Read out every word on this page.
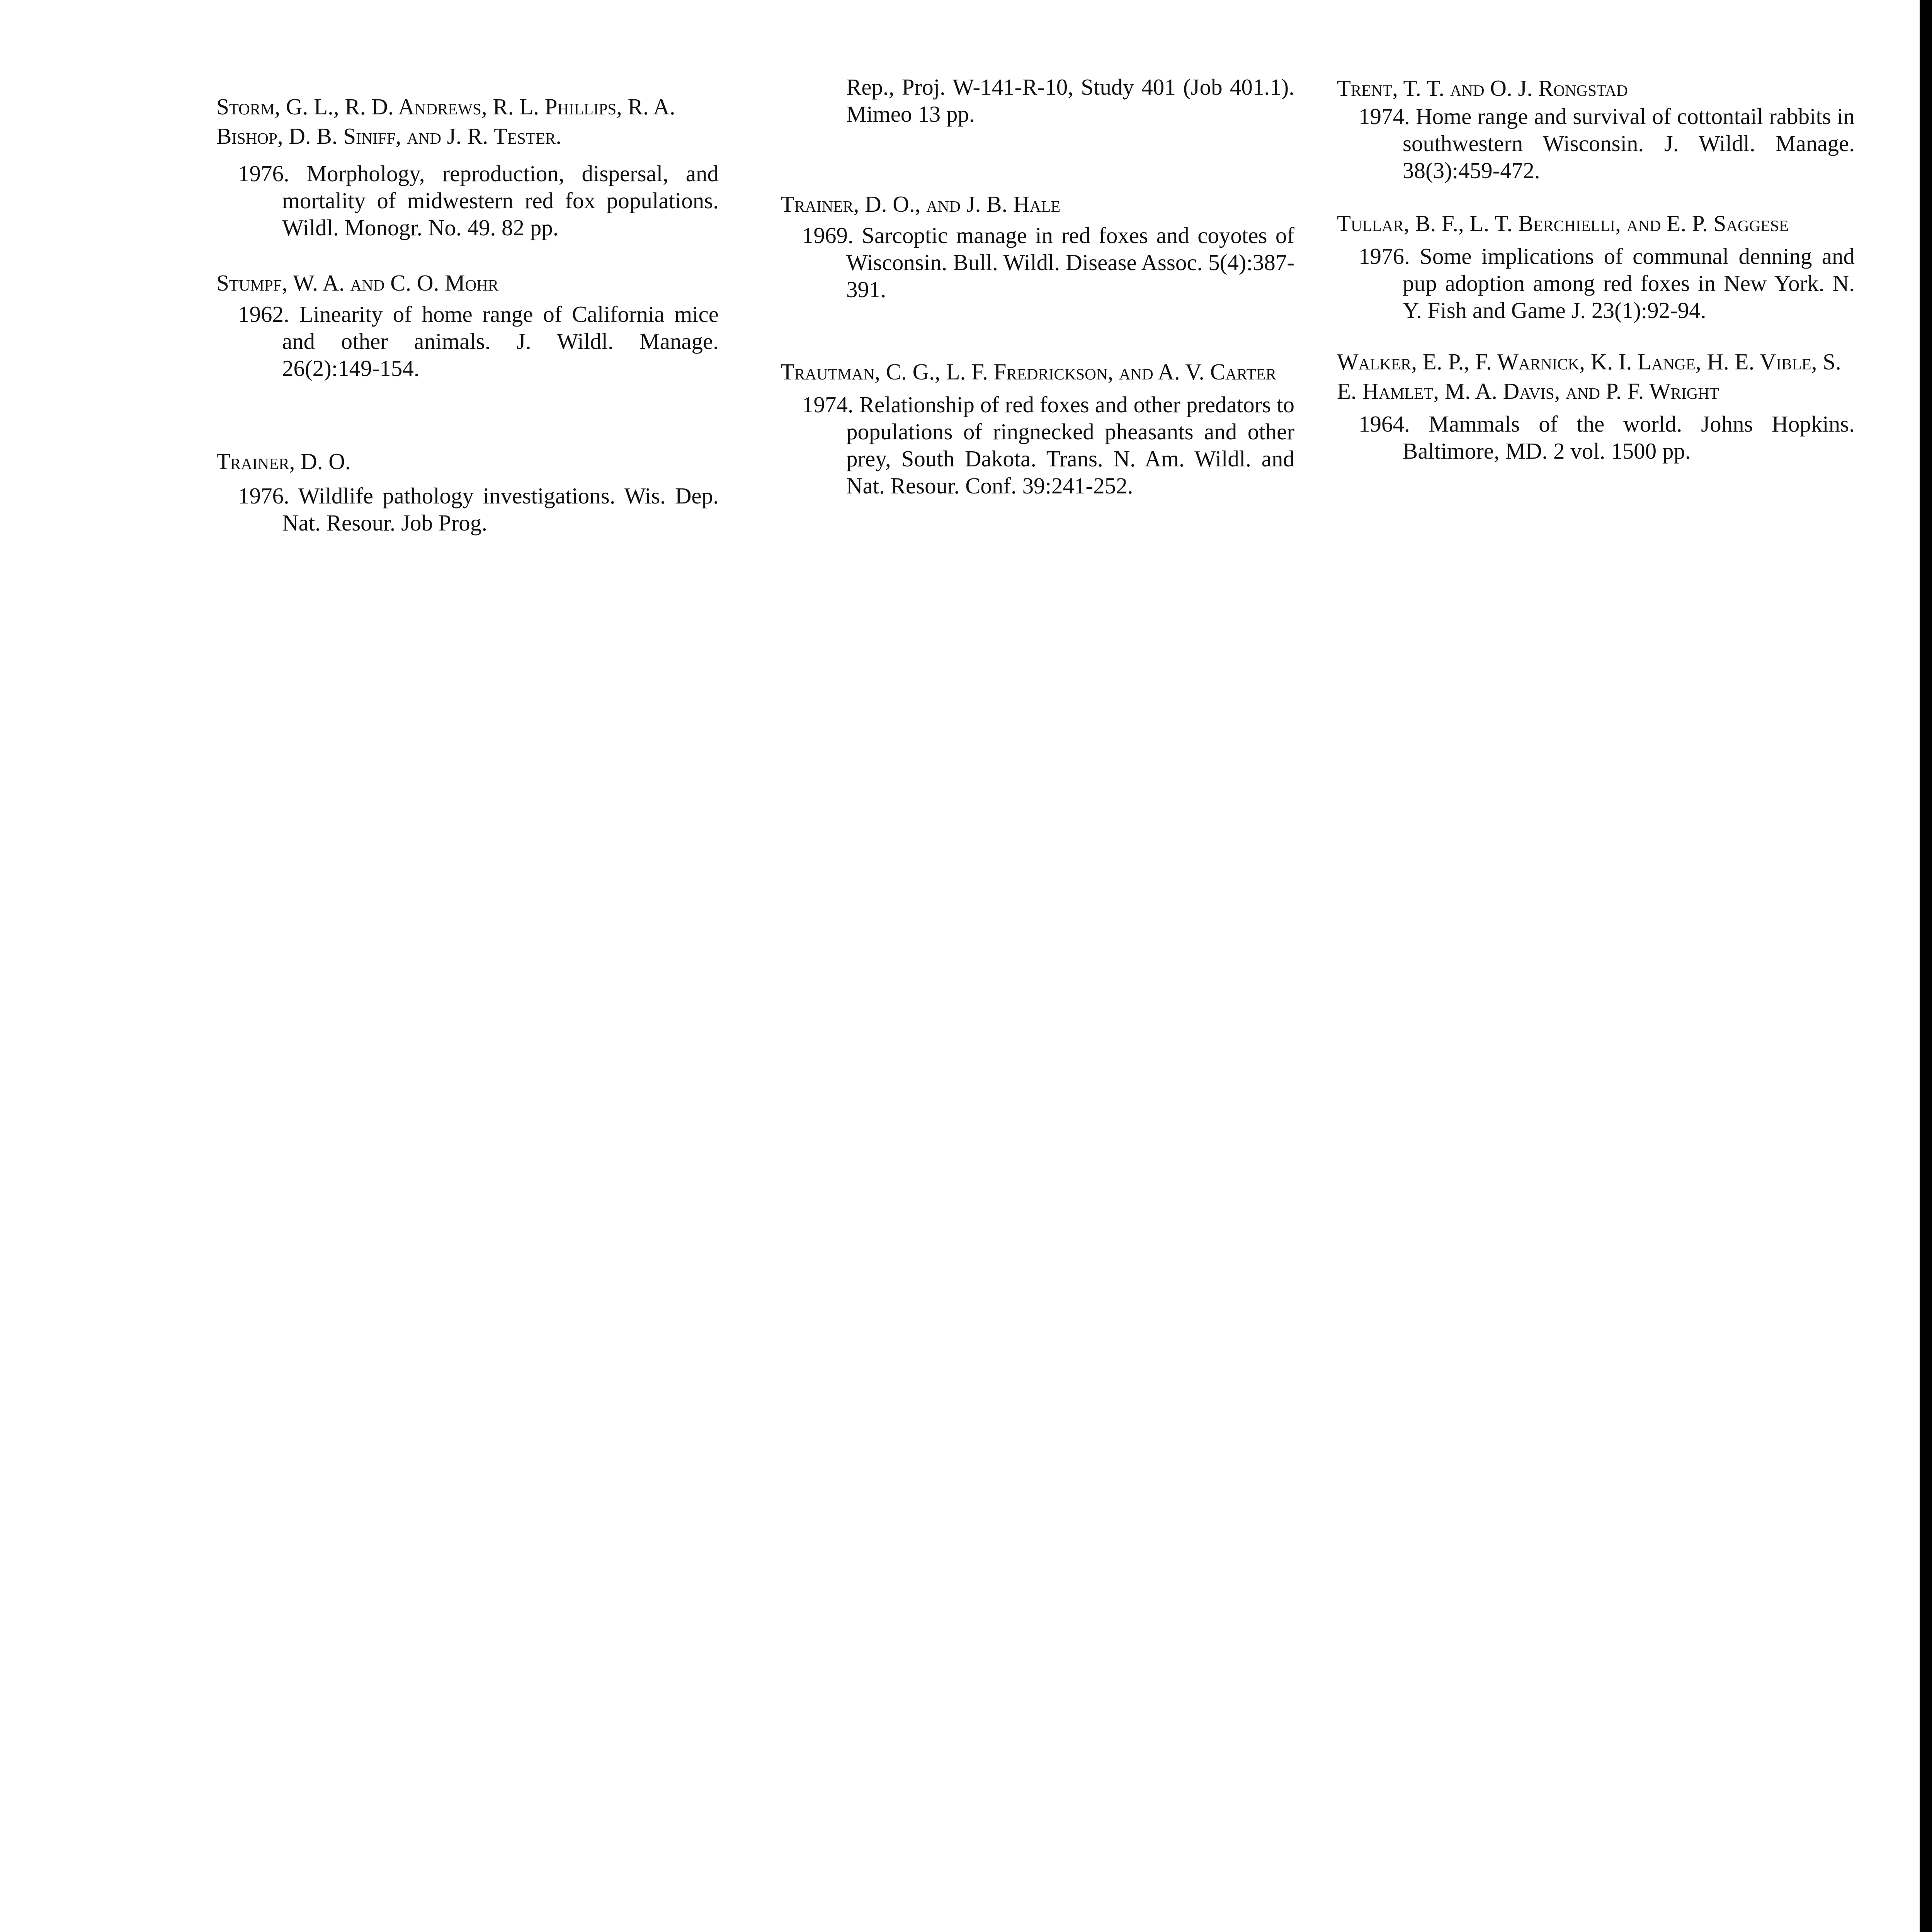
Storm, G. L., R. D. Andrews, R. L. Phillips, R. A. Bishop, D. B. Siniff, and J. R. Tester.

1976. Morphology, reproduction, dispersal, and mortality of midwestern red fox populations. Wildl. Monogr. No. 49. 82 pp.

Stumpf, W. A. and C. O. Mohr

1962. Linearity of home range of California mice and other animals. J. Wildl. Manage. 26(2):149-154.

Trainer, D. O.

1976. Wildlife pathology investigations. Wis. Dep. Nat. Resour. Job Prog.

Rep., Proj. W-141-R-10, Study 401 (Job 401.1). Mimeo 13 pp.

Trainer, D. O., and J. B. Hale

1969. Sarcoptic manage in red foxes and coyotes of Wisconsin. Bull. Wildl. Disease Assoc. 5(4):387-391.

Trautman, C. G., L. F. Fredrickson, and A. V. Carter

1974. Relationship of red foxes and other predators to populations of ringnecked pheasants and other prey, South Dakota. Trans. N. Am. Wildl. and Nat. Resour. Conf. 39:241-252.

Trent, T. T. and O. J. Rongstad

1974. Home range and survival of cottontail rabbits in southwestern Wisconsin. J. Wildl. Manage. 38(3):459-472.

Tullar, B. F., L. T. Berchielli, and E. P. Saggese

1976. Some implications of communal denning and pup adoption among red foxes in New York. N. Y. Fish and Game J. 23(1):92-94.

Walker, E. P., F. Warnick, K. I. Lange, H. E. Vible, S. E. Hamlet, M. A. Davis, and P. F. Wright

1964. Mammals of the world. Johns Hopkins. Baltimore, MD. 2 vol. 1500 pp.
